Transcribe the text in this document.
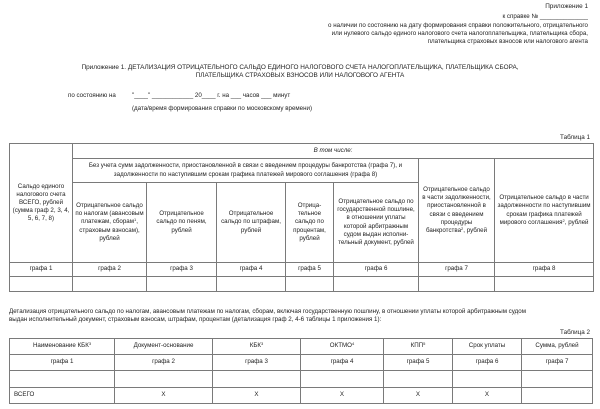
Приложение 1
к справке № ______________
о наличии по состоянию на дату формирования справки положительного, отрицательного
или нулевого сальдо единого налогового счета налогоплательщика, плательщика сбора,
плательщика страховых взносов или налогового агента
Приложение 1. ДЕТАЛИЗАЦИЯ ОТРИЦАТЕЛЬНОГО САЛЬДО ЕДИНОГО НАЛОГОВОГО СЧЕТА НАЛОГОПЛАТЕЛЬЩИКА, ПЛАТЕЛЬЩИКА СБОРА,
ПЛАТЕЛЬЩИКА СТРАХОВЫХ ВЗНОСОВ ИЛИ НАЛОГОВОГО АГЕНТА
по состоянию на	"____" ____________ 20____ г. на ___ часов ___ минут
(дата/время формирования справки по московскому времени)
Таблица 1
Сальдо единого налогового счета ВСЕГО, рублей (сумма граф 2, 3, 4, 5, 6, 7, 8)	В том числе:						
	Без учета сумм задолженности, приостановленной в связи с введением процедуры банкротства (графа 7), и задолженности по наступившим срокам графика платежей мирового соглашения (графа 8)					Отрицательное сальдо в части задолженности, приостановленной в связи с введением процедуры банкротства$^2$, рублей	Отрицательное сальдо в части задолженности по наступившим срокам графика платежей мирового соглашения$^2$, рублей
	Отрицательное сальдо по налогам (авансовым платежам, сборам$^1$, страховым взносам), рублей	Отрицательное сальдо по пеням, рублей	Отрицательное сальдо по штрафам, рублей	Отрица-тельное сальдо по процентам, рублей	Отрицательное сальдо по государственной пошлине, в отношении уплаты которой арбитражным судом выдан исполни-тельный документ, рублей		
графа 1	графа 2	графа 3	графа 4	графа 5	графа 6	графа 7	графа 8

Детализация отрицательного сальдо по налогам, авансовым платежам по налогам, сборам, включая государственную пошлину, в отношении уплаты которой арбитражным судом
выдан исполнительный документ, страховым взносам, штрафам, процентам (детализация граф 2, 4-6 таблицы 1 приложения 1):
Таблица 2
Наименование КБК$^3$	Документ-основание	КБК$^3$	ОКТМО$^4$	КПП$^5$	Срок уплаты	Сумма, рублей
графа 1	графа 2	графа 3	графа 4	графа 5	графа 6	графа 7

ВСЕГО	X	X	X	X	X	
